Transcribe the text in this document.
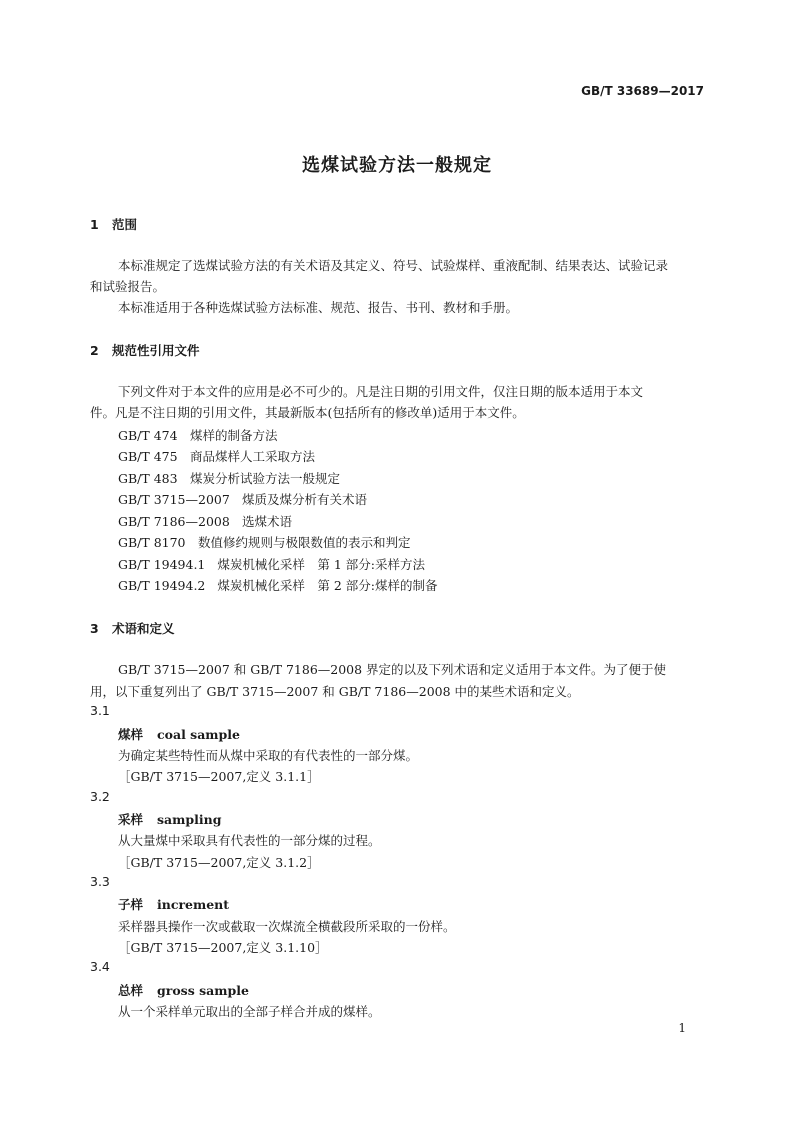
GB/T 33689—2017
选煤试验方法一般规定
1 范围
本标准规定了选煤试验方法的有关术语及其定义、符号、试验煤样、重液配制、结果表达、试验记录
和试验报告。
本标准适用于各种选煤试验方法标准、规范、报告、书刊、教材和手册。
2 规范性引用文件
下列文件对于本文件的应用是必不可少的。凡是注日期的引用文件，仅注日期的版本适用于本文
件。凡是不注日期的引用文件，其最新版本(包括所有的修改单)适用于本文件。
GB/T 474 煤样的制备方法
GB/T 475 商品煤样人工采取方法
GB/T 483 煤炭分析试验方法一般规定
GB/T 3715—2007 煤质及煤分析有关术语
GB/T 7186—2008 选煤术语
GB/T 8170 数值修约规则与极限数值的表示和判定
GB/T 19494.1 煤炭机械化采样　第 1 部分:采样方法
GB/T 19494.2 煤炭机械化采样　第 2 部分:煤样的制备
3 术语和定义
GB/T 3715—2007 和 GB/T 7186—2008 界定的以及下列术语和定义适用于本文件。为了便于使
用，以下重复列出了 GB/T 3715—2007 和 GB/T 7186—2008 中的某些术语和定义。
3.1
煤样 coal sample
为确定某些特性而从煤中采取的有代表性的一部分煤。
［GB/T 3715—2007,定义 3.1.1］
3.2
采样 sampling
从大量煤中采取具有代表性的一部分煤的过程。
［GB/T 3715—2007,定义 3.1.2］
3.3
子样 increment
采样器具操作一次或截取一次煤流全横截段所采取的一份样。
［GB/T 3715—2007,定义 3.1.10］
3.4
总样 gross sample
从一个采样单元取出的全部子样合并成的煤样。
1
